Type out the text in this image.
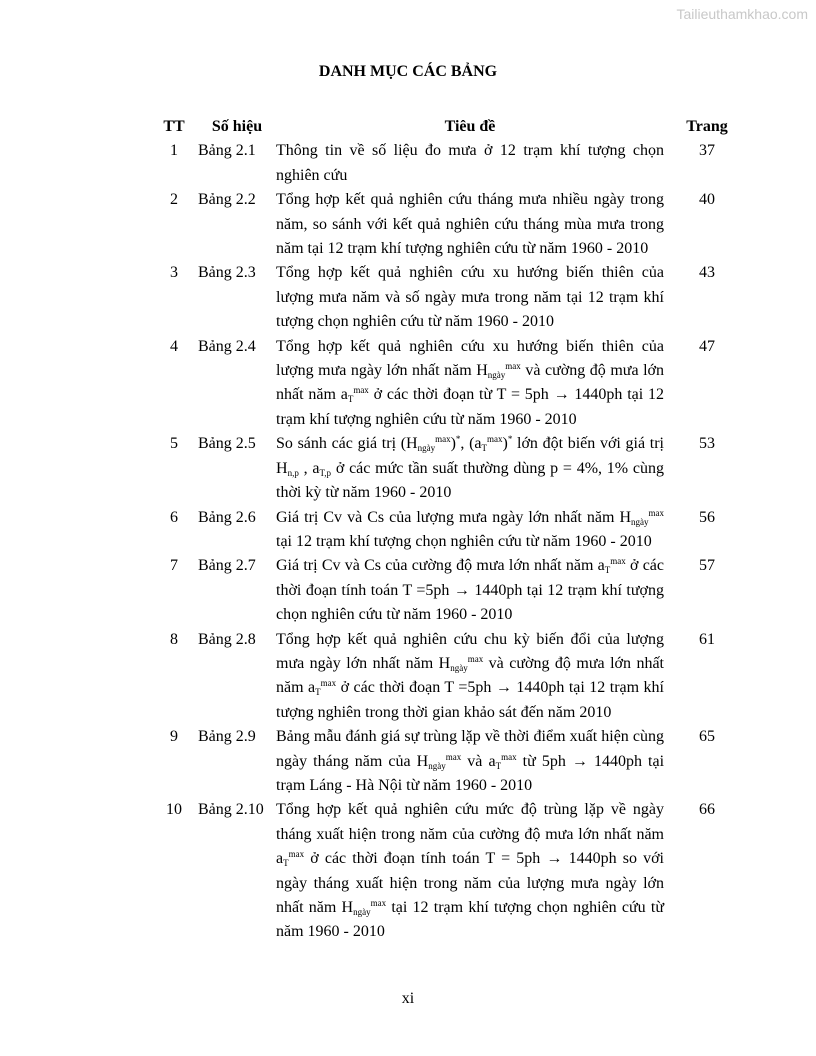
Tailieuthamkhao.com
DANH MỤC CÁC BẢNG
TT	Số hiệu	Tiêu đề	Trang
1	Bảng 2.1	Thông tin về số liệu đo mưa ở 12 trạm khí tượng chọn nghiên cứu	37
2	Bảng 2.2	Tổng hợp kết quả nghiên cứu tháng mưa nhiều ngày trong năm, so sánh với kết quả nghiên cứu tháng mùa mưa trong năm tại 12 trạm khí tượng nghiên cứu từ năm 1960 - 2010	40
3	Bảng 2.3	Tổng hợp kết quả nghiên cứu xu hướng biến thiên của lượng mưa năm và số ngày mưa trong năm tại 12 trạm khí tượng chọn nghiên cứu từ năm 1960 - 2010	43
4	Bảng 2.4	Tổng hợp kết quả nghiên cứu xu hướng biến thiên của lượng mưa ngày lớn nhất năm $H_{ngày}^{max}$ và cường độ mưa lớn nhất năm $a_T^{max}$ ở các thời đoạn từ T = 5ph → 1440ph tại 12 trạm khí tượng nghiên cứu từ năm 1960 - 2010	47
5	Bảng 2.5	So sánh các giá trị $(H_{ngày}^{max})^*$, $(a_T^{max})^*$ lớn đột biến với giá trị $H_{n,p}$ , $a_{T,p}$ ở các mức tần suất thường dùng p = 4%, 1% cùng thời kỳ từ năm 1960 - 2010	53
6	Bảng 2.6	Giá trị Cv và Cs của lượng mưa ngày lớn nhất năm $H_{ngày}^{max}$ tại 12 trạm khí tượng chọn nghiên cứu từ năm 1960 - 2010	56
7	Bảng 2.7	Giá trị Cv và Cs của cường độ mưa lớn nhất năm $a_T^{max}$ ở các thời đoạn tính toán T =5ph → 1440ph tại 12 trạm khí tượng chọn nghiên cứu từ năm 1960 - 2010	57
8	Bảng 2.8	Tổng hợp kết quả nghiên cứu chu kỳ biến đổi của lượng mưa ngày lớn nhất năm $H_{ngày}^{max}$ và cường độ mưa lớn nhất năm $a_T^{max}$ ở các thời đoạn T =5ph → 1440ph tại 12 trạm khí tượng nghiên trong thời gian khảo sát đến năm 2010	61
9	Bảng 2.9	Bảng mẫu đánh giá sự trùng lặp về thời điểm xuất hiện cùng ngày tháng năm của $H_{ngày}^{max}$ và $a_T^{max}$ từ 5ph → 1440ph tại trạm Láng - Hà Nội từ năm 1960 - 2010	65
10	Bảng 2.10	Tổng hợp kết quả nghiên cứu mức độ trùng lặp về ngày tháng xuất hiện trong năm của cường độ mưa lớn nhất năm $a_T^{max}$ ở các thời đoạn tính toán T = 5ph → 1440ph so với ngày tháng xuất hiện trong năm của lượng mưa ngày lớn nhất năm $H_{ngày}^{max}$ tại 12 trạm khí tượng chọn nghiên cứu từ năm 1960 - 2010	66
xi
